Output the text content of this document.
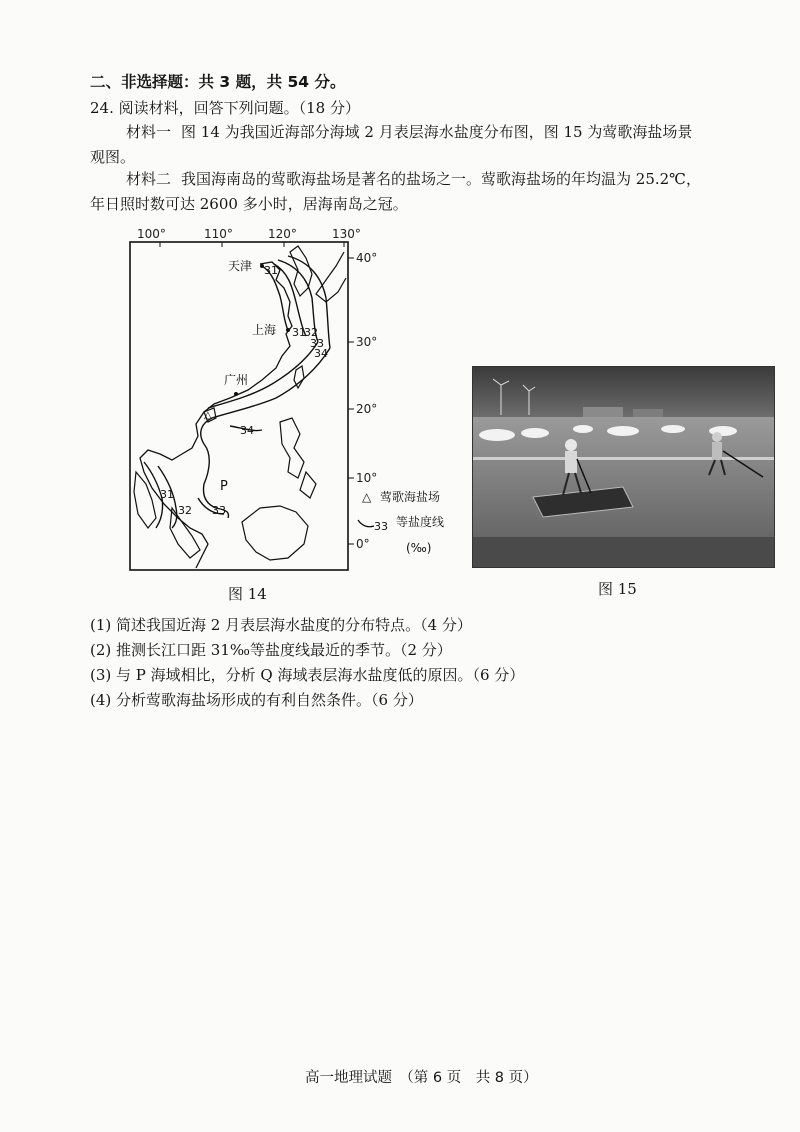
二、非选择题：共 3 题，共 54 分。
24. 阅读材料，回答下列问题。（18 分）
材料一 图 14 为我国近海部分海域 2 月表层海水盐度分布图，图 15 为莺歌海盐场景
观图。
材料二 我国海南岛的莺歌海盐场是著名的盐场之一。莺歌海盐场的年均温为 25.2℃，
年日照时数可达 2600 多小时，居海南岛之冠。
100°	110°	120°	130°
40°
30°
20°
10°
0°
31
31
32
33
34
34
31
32 33
天津
上海
广州
△
P
△ 莺歌海盐场
33 等盐度线
(‰)
图 14	图 15
(1) 简述我国近海 2 月表层海水盐度的分布特点。（4 分）
(2) 推测长江口距 31‰等盐度线最近的季节。（2 分）
(3) 与 P 海域相比，分析 Q 海域表层海水盐度低的原因。（6 分）
(4) 分析莺歌海盐场形成的有利自然条件。（6 分）
高一地理试题　（第 6 页　共 8 页）
